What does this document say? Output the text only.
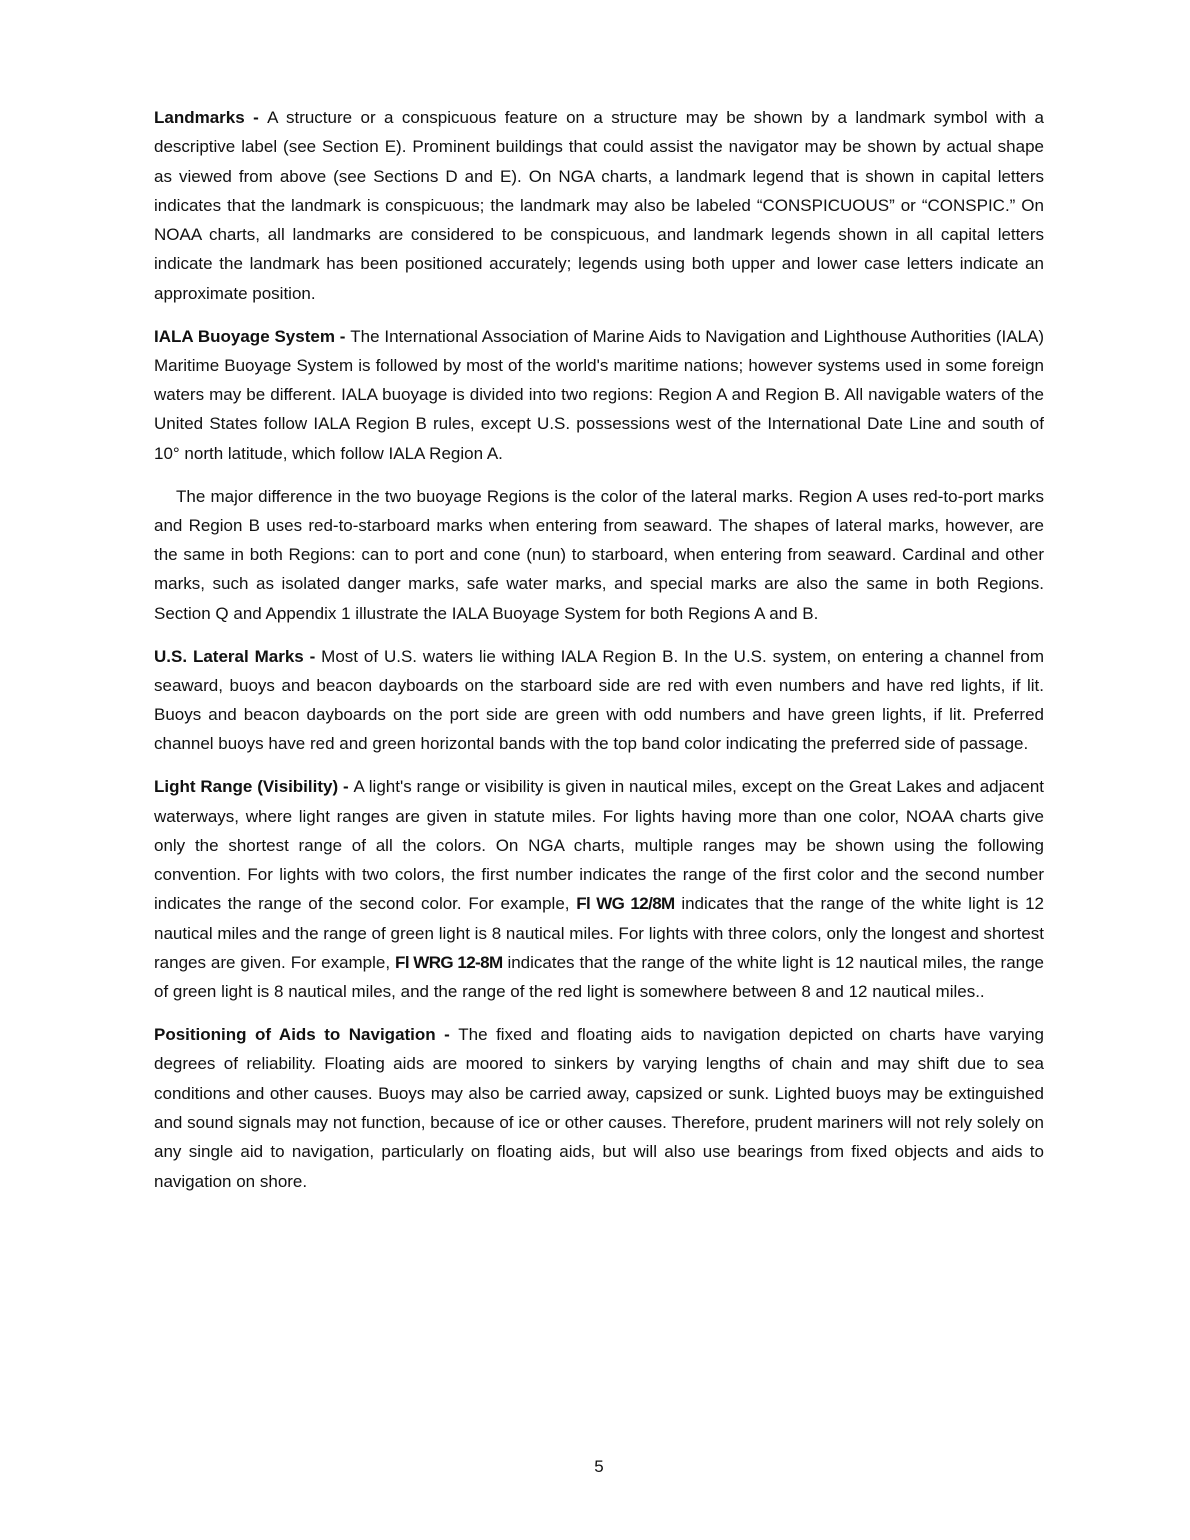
Landmarks - A structure or a conspicuous feature on a structure may be shown by a landmark symbol with a descriptive label (see Section E). Prominent buildings that could assist the navigator may be shown by actual shape as viewed from above (see Sections D and E). On NGA charts, a landmark legend that is shown in capital letters indicates that the landmark is conspicuous; the landmark may also be labeled “CONSPICUOUS” or “CONSPIC.” On NOAA charts, all landmarks are considered to be conspicuous, and landmark legends shown in all capital letters indicate the landmark has been positioned accurately; legends using both upper and lower case letters indicate an approximate position.

IALA Buoyage System - The International Association of Marine Aids to Navigation and Lighthouse Authorities (IALA) Maritime Buoyage System is followed by most of the world's maritime nations; however systems used in some foreign waters may be different. IALA buoyage is divided into two regions: Region A and Region B. All navigable waters of the United States follow IALA Region B rules, except U.S. possessions west of the International Date Line and south of 10° north latitude, which follow IALA Region A.

The major difference in the two buoyage Regions is the color of the lateral marks. Region A uses red-to-port marks and Region B uses red-to-starboard marks when entering from seaward. The shapes of lateral marks, however, are the same in both Regions: can to port and cone (nun) to starboard, when entering from seaward. Cardinal and other marks, such as isolated danger marks, safe water marks, and special marks are also the same in both Regions. Section Q and Appendix 1 illustrate the IALA Buoyage System for both Regions A and B.

U.S. Lateral Marks - Most of U.S. waters lie withing IALA Region B. In the U.S. system, on entering a channel from seaward, buoys and beacon dayboards on the starboard side are red with even numbers and have red lights, if lit. Buoys and beacon dayboards on the port side are green with odd numbers and have green lights, if lit. Preferred channel buoys have red and green horizontal bands with the top band color indicating the preferred side of passage.

Light Range (Visibility) - A light's range or visibility is given in nautical miles, except on the Great Lakes and adjacent waterways, where light ranges are given in statute miles. For lights having more than one color, NOAA charts give only the shortest range of all the colors. On NGA charts, multiple ranges may be shown using the following convention. For lights with two colors, the first number indicates the range of the first color and the second number indicates the range of the second color. For example, Fl WG 12/8M indicates that the range of the white light is 12 nautical miles and the range of green light is 8 nautical miles. For lights with three colors, only the longest and shortest ranges are given. For example, Fl WRG 12-8M indicates that the range of the white light is 12 nautical miles, the range of green light is 8 nautical miles, and the range of the red light is somewhere between 8 and 12 nautical miles..

Positioning of Aids to Navigation - The fixed and floating aids to navigation depicted on charts have varying degrees of reliability. Floating aids are moored to sinkers by varying lengths of chain and may shift due to sea conditions and other causes. Buoys may also be carried away, capsized or sunk. Lighted buoys may be extinguished and sound signals may not function, because of ice or other causes. Therefore, prudent mariners will not rely solely on any single aid to navigation, particularly on floating aids, but will also use bearings from fixed objects and aids to navigation on shore.

5
